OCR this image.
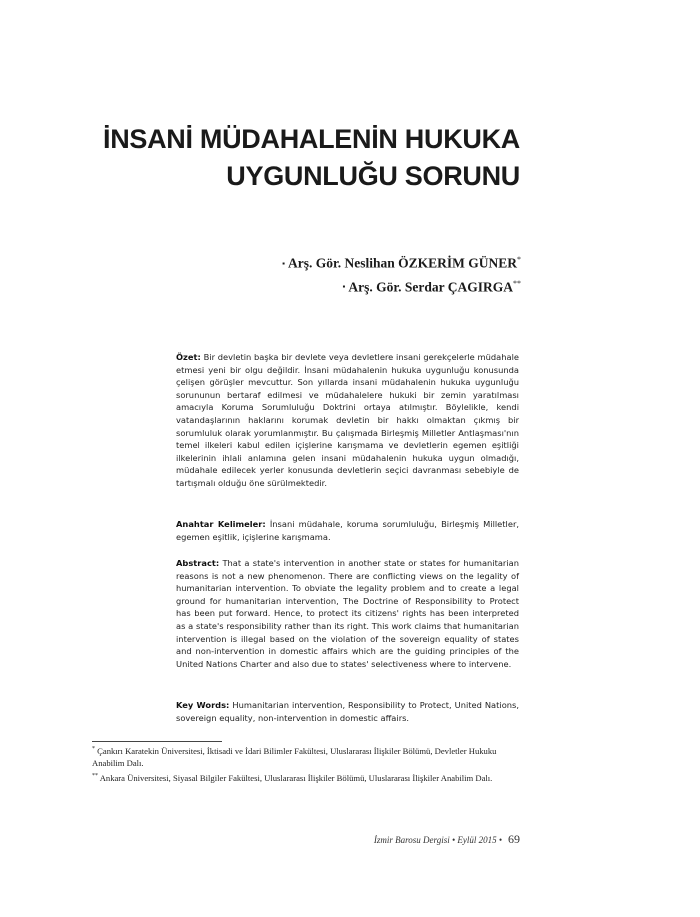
İNSANİ MÜDAHALENİN HUKUKA
UYGUNLUĞU SORUNU
▪ Arş. Gör. Neslihan ÖZKERİM GÜNER*
▪ Arş. Gör. Serdar ÇAGIRGA**
Özet: Bir devletin başka bir devlete veya devletlere insani gerekçelerle müdahale etmesi yeni bir olgu değildir. İnsani müdahalenin hukuka uygunluğu konusunda çelişen görüşler mevcuttur. Son yıllarda insani müdahalenin hukuka uygunluğu sorununun bertaraf edilmesi ve müdahalelere hukuki bir zemin yaratılması amacıyla Koruma Sorumluluğu Doktrini ortaya atılmıştır. Böylelikle, kendi vatandaşlarının haklarını korumak devletin bir hakkı olmaktan çıkmış bir sorumluluk olarak yorumlanmıştır. Bu çalışmada Birleşmiş Milletler Antlaşması'nın temel ilkeleri kabul edilen içişlerine karışmama ve devletlerin egemen eşitliği ilkelerinin ihlali anlamına gelen insani müdahalenin hukuka uygun olmadığı, müdahale edilecek yerler konusunda devletlerin seçici davranması sebebiyle de tartışmalı olduğu öne sürülmektedir.
Anahtar Kelimeler: İnsani müdahale, koruma sorumluluğu, Birleşmiş Milletler, egemen eşitlik, içişlerine karışmama.
Abstract: That a state's intervention in another state or states for humanitarian reasons is not a new phenomenon. There are conflicting views on the legality of humanitarian intervention. To obviate the legality problem and to create a legal ground for humanitarian intervention, The Doctrine of Responsibility to Protect has been put forward. Hence, to protect its citizens' rights has been interpreted as a state's responsibility rather than its right. This work claims that humanitarian intervention is illegal based on the violation of the sovereign equality of states and non-intervention in domestic affairs which are the guiding principles of the United Nations Charter and also due to states' selectiveness where to intervene.
Key Words: Humanitarian intervention, Responsibility to Protect, United Nations, sovereign equality, non-intervention in domestic affairs.

* Çankırı Karatekin Üniversitesi, İktisadi ve İdari Bilimler Fakültesi, Uluslararası İlişkiler Bölümü, Devletler Hukuku Anabilim Dalı.

** Ankara Üniversitesi, Siyasal Bilgiler Fakültesi, Uluslararası İlişkiler Bölümü, Uluslararası İlişkiler Anabilim Dalı.

İzmir Barosu Dergisi • Eylül 2015 • 69
